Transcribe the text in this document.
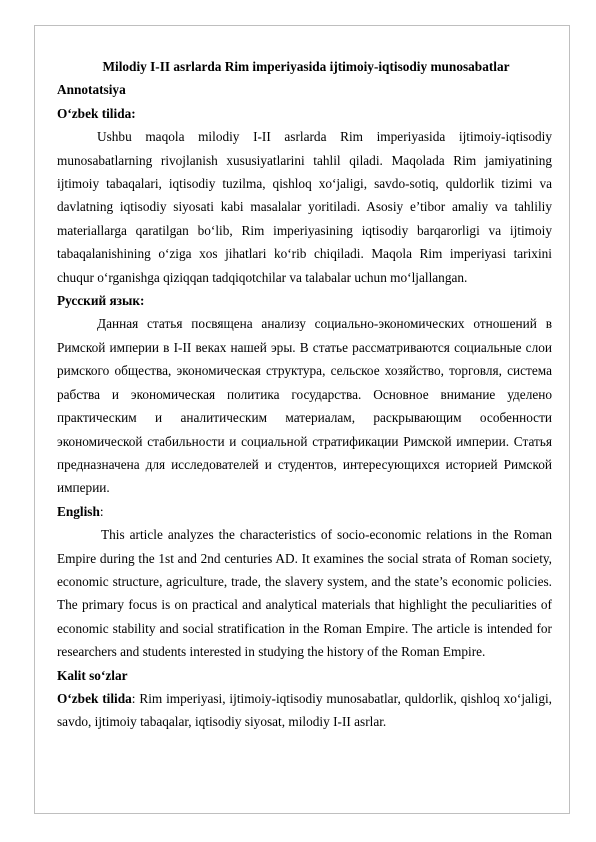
Milodiy I-II asrlarda Rim imperiyasida ijtimoiy-iqtisodiy munosabatlar

Annotatsiya

O‘zbek tilida:

Ushbu maqola milodiy I-II asrlarda Rim imperiyasida ijtimoiy-iqtisodiy munosabatlarning rivojlanish xususiyatlarini tahlil qiladi. Maqolada Rim jamiyatining ijtimoiy tabaqalari, iqtisodiy tuzilma, qishloq xo‘jaligi, savdo-sotiq, quldorlik tizimi va davlatning iqtisodiy siyosati kabi masalalar yoritiladi. Asosiy e’tibor amaliy va tahliliy materiallarga qaratilgan bo‘lib, Rim imperiyasining iqtisodiy barqarorligi va ijtimoiy tabaqalanishining o‘ziga xos jihatlari ko‘rib chiqiladi. Maqola Rim imperiyasi tarixini chuqur o‘rganishga qiziqqan tadqiqotchilar va talabalar uchun mo‘ljallangan.

Русский язык:

Данная статья посвящена анализу социально-экономических отношений в Римской империи в I-II веках нашей эры. В статье рассматриваются социальные слои римского общества, экономическая структура, сельское хозяйство, торговля, система рабства и экономическая политика государства. Основное внимание уделено практическим и аналитическим материалам, раскрывающим особенности экономической стабильности и социальной стратификации Римской империи. Статья предназначена для исследователей и студентов, интересующихся историей Римской империи.

English:

This article analyzes the characteristics of socio-economic relations in the Roman Empire during the 1st and 2nd centuries AD. It examines the social strata of Roman society, economic structure, agriculture, trade, the slavery system, and the state’s economic policies. The primary focus is on practical and analytical materials that highlight the peculiarities of economic stability and social stratification in the Roman Empire. The article is intended for researchers and students interested in studying the history of the Roman Empire.

Kalit so‘zlar

O‘zbek tilida: Rim imperiyasi, ijtimoiy-iqtisodiy munosabatlar, quldorlik, qishloq xo‘jaligi, savdo, ijtimoiy tabaqalar, iqtisodiy siyosat, milodiy I-II asrlar.
